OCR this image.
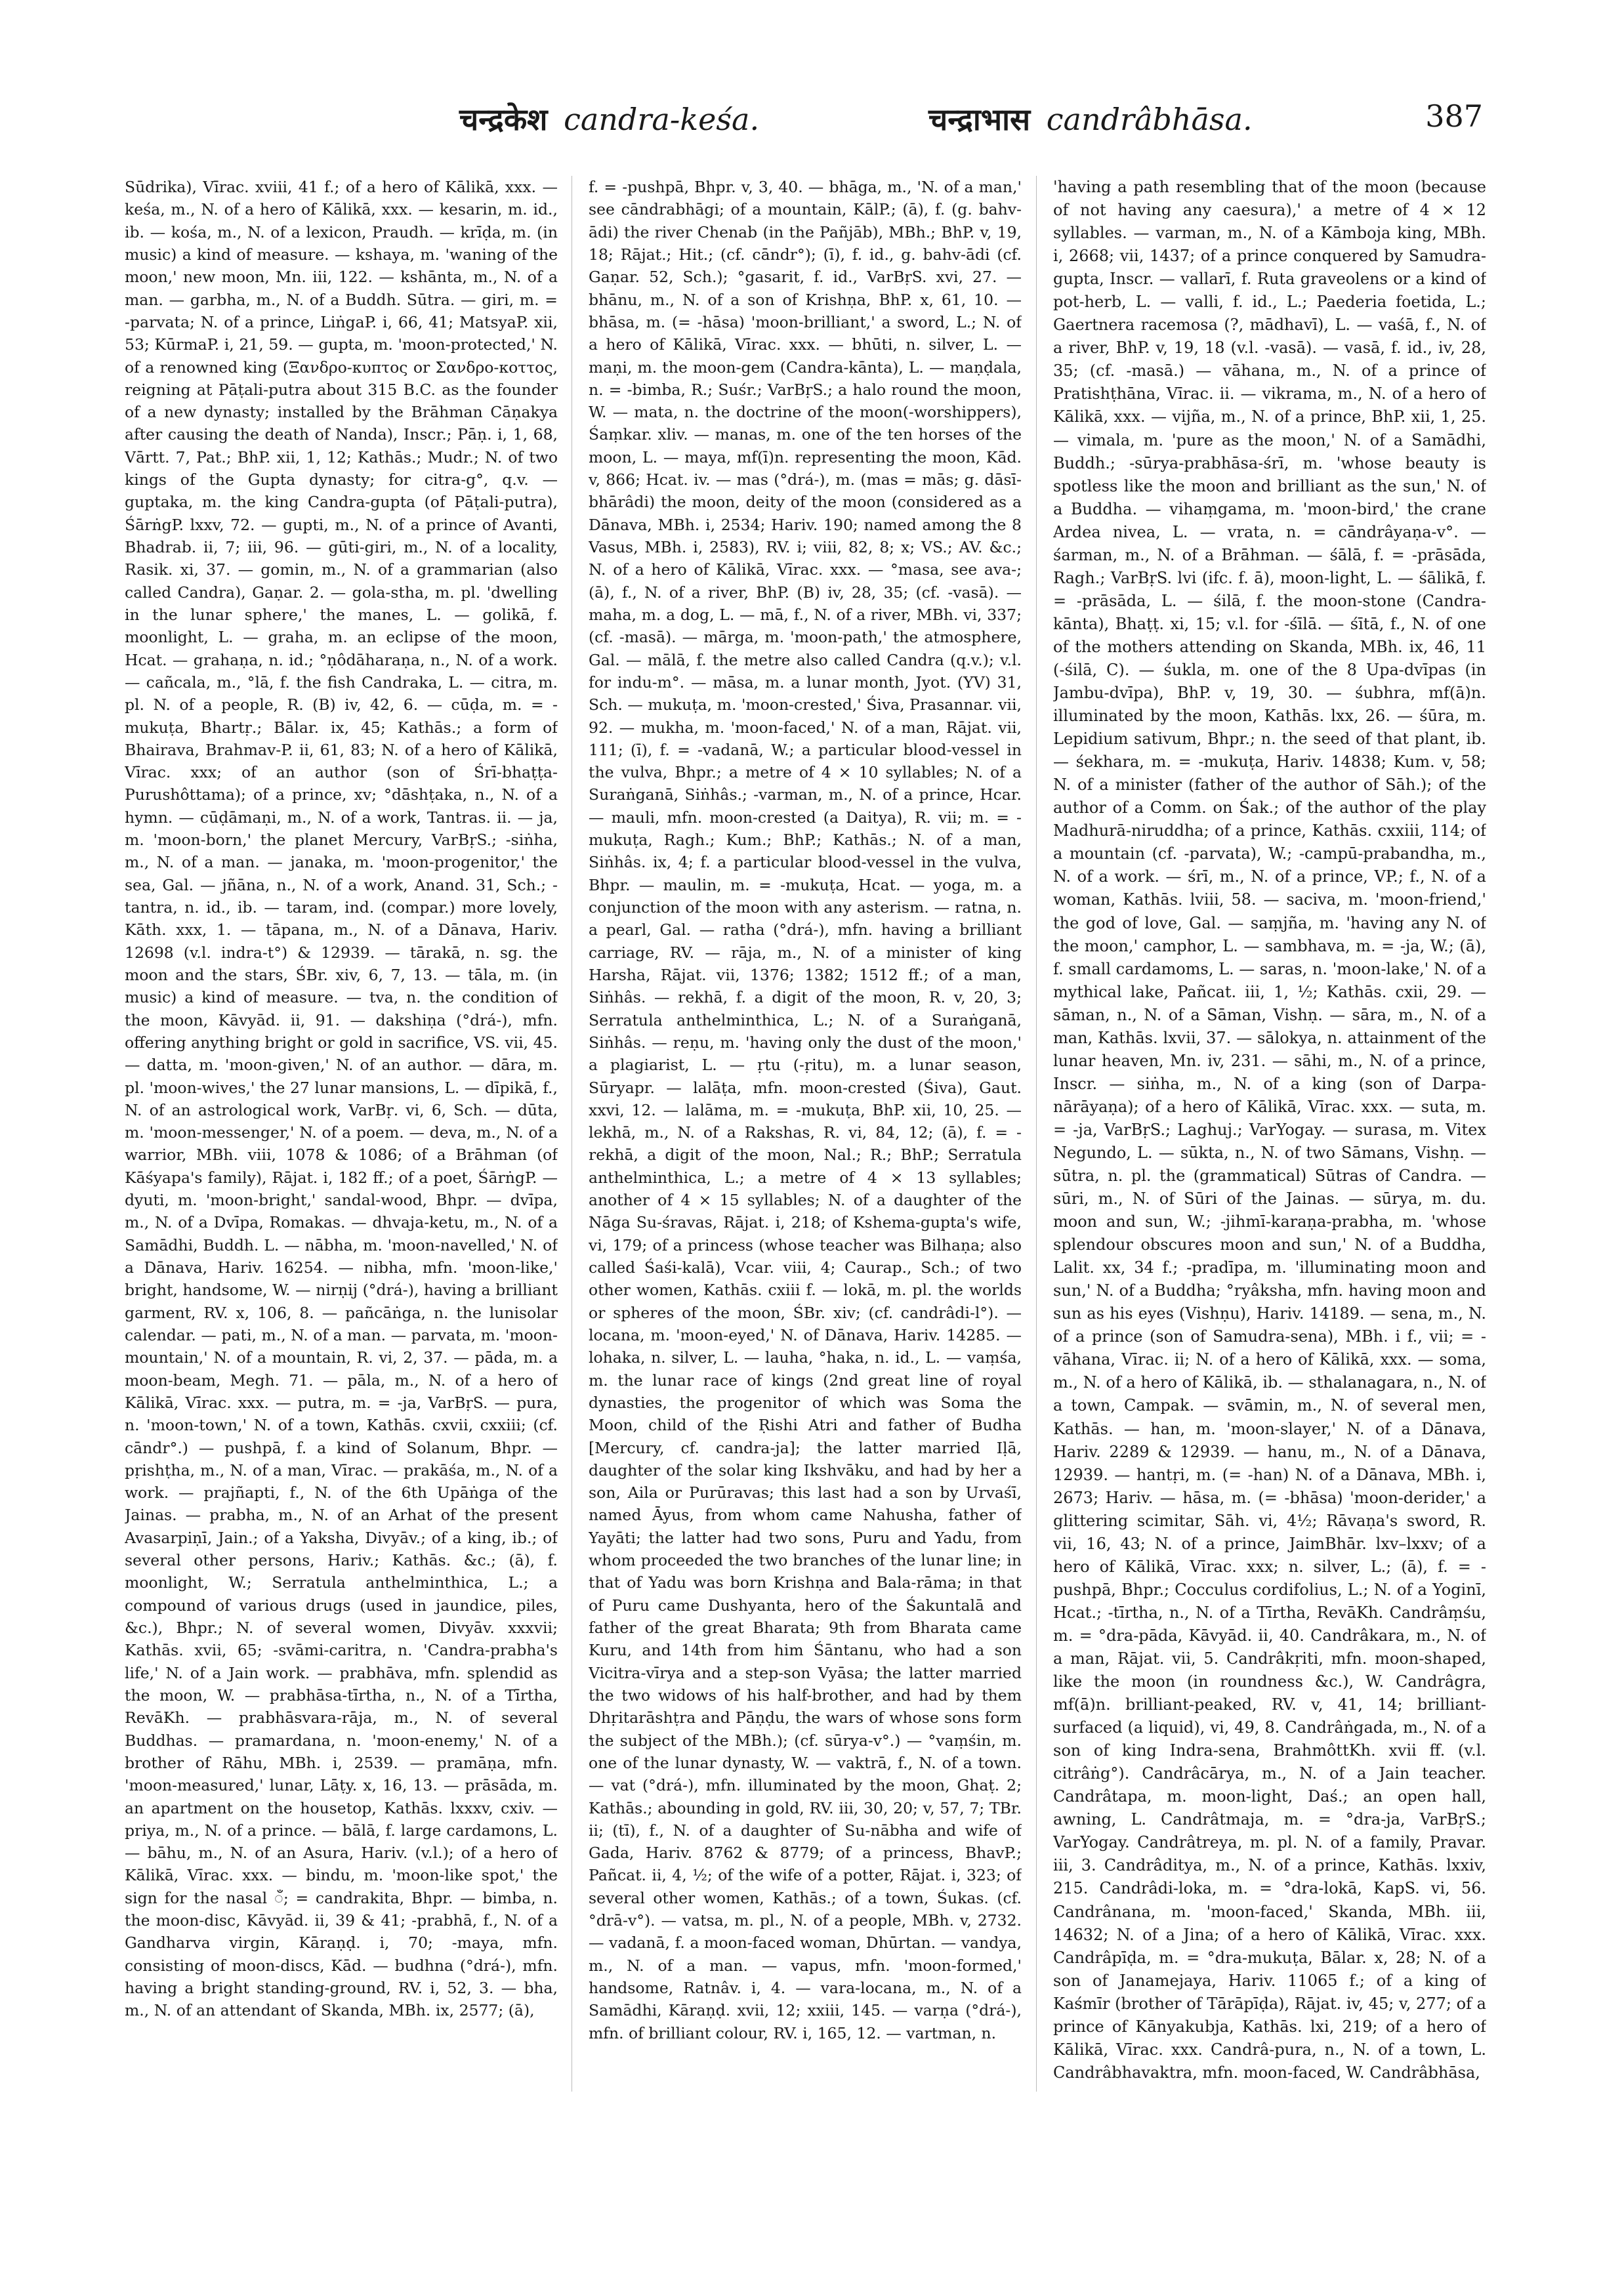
चन्द्रकेश candra-keśa.	चन्द्राभास candrâbhāsa.	387

Sūdrika), Vīrac. xviii, 41 f.; of a hero of Kālikā, xxx. — keśa, m., N. of a hero of Kālikā, xxx. — kesarin, m. id., ib. — kośa, m., N. of a lexicon, Praudh. — krīḍa, m. (in music) a kind of measure. — kshaya, m. 'waning of the moon,' new moon, Mn. iii, 122. — kshānta, m., N. of a man. — garbha, m., N. of a Buddh. Sūtra. — giri, m. = -parvata; N. of a prince, LiṅgaP. i, 66, 41; MatsyaP. xii, 53; KūrmaP. i, 21, 59. — gupta, m. 'moon-protected,' N. of a renowned king (Ξανδρο-κυπτος or Σανδρο-κοττος, reigning at Pāṭali-putra about 315 B.C. as the founder of a new dynasty; installed by the Brāhman Cāṇakya after causing the death of Nanda), Inscr.; Pāṇ. i, 1, 68, Vārtt. 7, Pat.; BhP. xii, 1, 12; Kathās.; Mudr.; N. of two kings of the Gupta dynasty; for citra-g°, q.v. — guptaka, m. the king Candra-gupta (of Pāṭali-putra), ŚārṅgP. lxxv, 72. — gupti, m., N. of a prince of Avanti, Bhadrab. ii, 7; iii, 96. — gūti-giri, m., N. of a locality, Rasik. xi, 37. — gomin, m., N. of a grammarian (also called Candra), Gaṇar. 2. — gola-stha, m. pl. 'dwelling in the lunar sphere,' the manes, L. — golikā, f. moonlight, L. — graha, m. an eclipse of the moon, Hcat. — grahaṇa, n. id.; °ṇôdāharaṇa, n., N. of a work. — cañcala, m., °lā, f. the fish Candraka, L. — citra, m. pl. N. of a people, R. (B) iv, 42, 6. — cūḍa, m. = -mukuṭa, Bhartṛ.; Bālar. ix, 45; Kathās.; a form of Bhairava, Brahmav-P. ii, 61, 83; N. of a hero of Kālikā, Vīrac. xxx; of an author (son of Śrī-bhaṭṭa-Purushôttama); of a prince, xv; °dāshṭaka, n., N. of a hymn. — cūḍāmaṇi, m., N. of a work, Tantras. ii. — ja, m. 'moon-born,' the planet Mercury, VarBṛS.; -siṅha, m., N. of a man. — janaka, m. 'moon-progenitor,' the sea, Gal. — jñāna, n., N. of a work, Anand. 31, Sch.; -tantra, n. id., ib. — taram, ind. (compar.) more lovely, Kāth. xxx, 1. — tāpana, m., N. of a Dānava, Hariv. 12698 (v.l. indra-t°) & 12939. — tārakā, n. sg. the moon and the stars, ŚBr. xiv, 6, 7, 13. — tāla, m. (in music) a kind of measure. — tva, n. the condition of the moon, Kāvyād. ii, 91. — dakshiṇa (°drá-), mfn. offering anything bright or gold in sacrifice, VS. vii, 45. — datta, m. 'moon-given,' N. of an author. — dāra, m. pl. 'moon-wives,' the 27 lunar mansions, L. — dīpikā, f., N. of an astrological work, VarBṛ. vi, 6, Sch. — dūta, m. 'moon-messenger,' N. of a poem. — deva, m., N. of a warrior, MBh. viii, 1078 & 1086; of a Brāhman (of Kāśyapa's family), Rājat. i, 182 ff.; of a poet, ŚārṅgP. — dyuti, m. 'moon-bright,' sandal-wood, Bhpr. — dvīpa, m., N. of a Dvīpa, Romakas. — dhvaja-ketu, m., N. of a Samādhi, Buddh. L. — nābha, m. 'moon-navelled,' N. of a Dānava, Hariv. 16254. — nibha, mfn. 'moon-like,' bright, handsome, W. — nirṇij (°drá-), having a brilliant garment, RV. x, 106, 8. — pañcāṅga, n. the lunisolar calendar. — pati, m., N. of a man. — parvata, m. 'moon-mountain,' N. of a mountain, R. vi, 2, 37. — pāda, m. a moon-beam, Megh. 71. — pāla, m., N. of a hero of Kālikā, Vīrac. xxx. — putra, m. = -ja, VarBṛS. — pura, n. 'moon-town,' N. of a town, Kathās. cxvii, cxxiii; (cf. cāndr°.) — pushpā, f. a kind of Solanum, Bhpr. — pṛishṭha, m., N. of a man, Vīrac. — prakāśa, m., N. of a work. — prajñapti, f., N. of the 6th Upāṅga of the Jainas. — prabha, m., N. of an Arhat of the present Avasarpiṇī, Jain.; of a Yaksha, Divyāv.; of a king, ib.; of several other persons, Hariv.; Kathās. &c.; (ā), f. moonlight, W.; Serratula anthelminthica, L.; a compound of various drugs (used in jaundice, piles, &c.), Bhpr.; N. of several women, Divyāv. xxxvii; Kathās. xvii, 65; -svāmi-caritra, n. 'Candra-prabha's life,' N. of a Jain work. — prabhāva, mfn. splendid as the moon, W. — prabhāsa-tīrtha, n., N. of a Tīrtha, RevāKh. — prabhāsvara-rāja, m., N. of several Buddhas. — pramardana, n. 'moon-enemy,' N. of a brother of Rāhu, MBh. i, 2539. — pramāṇa, mfn. 'moon-measured,' lunar, Lāṭy. x, 16, 13. — prāsāda, m. an apartment on the housetop, Kathās. lxxxv, cxiv. — priya, m., N. of a prince. — bālā, f. large cardamons, L. — bāhu, m., N. of an Asura, Hariv. (v.l.); of a hero of Kālikā, Vīrac. xxx. — bindu, m. 'moon-like spot,' the sign for the nasal ँ; = candrakita, Bhpr. — bimba, n. the moon-disc, Kāvyād. ii, 39 & 41; -prabhā, f., N. of a Gandharva virgin, Kāraṇḍ. i, 70; -maya, mfn. consisting of moon-discs, Kād. — budhna (°drá-), mfn. having a bright standing-ground, RV. i, 52, 3. — bha, m., N. of an attendant of Skanda, MBh. ix, 2577; (ā),

f. = -pushpā, Bhpr. v, 3, 40. — bhāga, m., 'N. of a man,' see cāndrabhāgi; of a mountain, KālP.; (ā), f. (g. bahv-ādi) the river Chenab (in the Pañjāb), MBh.; BhP. v, 19, 18; Rājat.; Hit.; (cf. cāndr°); (ī), f. id., g. bahv-ādi (cf. Gaṇar. 52, Sch.); °gasarit, f. id., VarBṛS. xvi, 27. — bhānu, m., N. of a son of Krishṇa, BhP. x, 61, 10. — bhāsa, m. (= -hāsa) 'moon-brilliant,' a sword, L.; N. of a hero of Kālikā, Vīrac. xxx. — bhūti, n. silver, L. — maṇi, m. the moon-gem (Candra-kānta), L. — maṇḍala, n. = -bimba, R.; Suśr.; VarBṛS.; a halo round the moon, W. — mata, n. the doctrine of the moon(-worshippers), Śaṃkar. xliv. — manas, m. one of the ten horses of the moon, L. — maya, mf(ī)n. representing the moon, Kād. v, 866; Hcat. iv. — mas (°drá-), m. (mas = mās; g. dāsī-bhārâdi) the moon, deity of the moon (considered as a Dānava, MBh. i, 2534; Hariv. 190; named among the 8 Vasus, MBh. i, 2583), RV. i; viii, 82, 8; x; VS.; AV. &c.; N. of a hero of Kālikā, Vīrac. xxx. — °masa, see ava-; (ā), f., N. of a river, BhP. (B) iv, 28, 35; (cf. -vasā). — maha, m. a dog, L. — mā, f., N. of a river, MBh. vi, 337; (cf. -masā). — mārga, m. 'moon-path,' the atmosphere, Gal. — mālā, f. the metre also called Candra (q.v.); v.l. for indu-m°. — māsa, m. a lunar month, Jyot. (YV) 31, Sch. — mukuṭa, m. 'moon-crested,' Śiva, Prasannar. vii, 92. — mukha, m. 'moon-faced,' N. of a man, Rājat. vii, 111; (ī), f. = -vadanā, W.; a particular blood-vessel in the vulva, Bhpr.; a metre of 4 × 10 syllables; N. of a Suraṅganā, Siṅhâs.; -varman, m., N. of a prince, Hcar. — mauli, mfn. moon-crested (a Daitya), R. vii; m. = -mukuṭa, Ragh.; Kum.; BhP.; Kathās.; N. of a man, Siṅhâs. ix, 4; f. a particular blood-vessel in the vulva, Bhpr. — maulin, m. = -mukuṭa, Hcat. — yoga, m. a conjunction of the moon with any asterism. — ratna, n. a pearl, Gal. — ratha (°drá-), mfn. having a brilliant carriage, RV. — rāja, m., N. of a minister of king Harsha, Rājat. vii, 1376; 1382; 1512 ff.; of a man, Siṅhâs. — rekhā, f. a digit of the moon, R. v, 20, 3; Serratula anthelminthica, L.; N. of a Suraṅganā, Siṅhâs. — reṇu, m. 'having only the dust of the moon,' a plagiarist, L. — ṛtu (-ṛitu), m. a lunar season, Sūryapr. — lalāṭa, mfn. moon-crested (Śiva), Gaut. xxvi, 12. — lalāma, m. = -mukuṭa, BhP. xii, 10, 25. — lekhā, m., N. of a Rakshas, R. vi, 84, 12; (ā), f. = -rekhā, a digit of the moon, Nal.; R.; BhP.; Serratula anthelminthica, L.; a metre of 4 × 13 syllables; another of 4 × 15 syllables; N. of a daughter of the Nāga Su-śravas, Rājat. i, 218; of Kshema-gupta's wife, vi, 179; of a princess (whose teacher was Bilhaṇa; also called Śaśi-kalā), Vcar. viii, 4; Caurap., Sch.; of two other women, Kathās. cxiii f. — lokā, m. pl. the worlds or spheres of the moon, ŚBr. xiv; (cf. candrâdi-l°). — locana, m. 'moon-eyed,' N. of Dānava, Hariv. 14285. — lohaka, n. silver, L. — lauha, °haka, n. id., L. — vaṃśa, m. the lunar race of kings (2nd great line of royal dynasties, the progenitor of which was Soma the Moon, child of the Ṛishi Atri and father of Budha [Mercury, cf. candra-ja]; the latter married Iḷā, daughter of the solar king Ikshvāku, and had by her a son, Aila or Purūravas; this last had a son by Urvaśī, named Āyus, from whom came Nahusha, father of Yayāti; the latter had two sons, Puru and Yadu, from whom proceeded the two branches of the lunar line; in that of Yadu was born Krishṇa and Bala-rāma; in that of Puru came Dushyanta, hero of the Śakuntalā and father of the great Bharata; 9th from Bharata came Kuru, and 14th from him Śāntanu, who had a son Vicitra-vīrya and a step-son Vyāsa; the latter married the two widows of his half-brother, and had by them Dhṛitarāshṭra and Pāṇḍu, the wars of whose sons form the subject of the MBh.); (cf. sūrya-v°.) — °vaṃśin, m. one of the lunar dynasty, W. — vaktrā, f., N. of a town. — vat (°drá-), mfn. illuminated by the moon, Ghaṭ. 2; Kathās.; abounding in gold, RV. iii, 30, 20; v, 57, 7; TBr. ii; (tī), f., N. of a daughter of Su-nābha and wife of Gada, Hariv. 8762 & 8779; of a princess, BhavP.; Pañcat. ii, 4, ½; of the wife of a potter, Rājat. i, 323; of several other women, Kathās.; of a town, Śukas. (cf. °drā-v°). — vatsa, m. pl., N. of a people, MBh. v, 2732. — vadanā, f. a moon-faced woman, Dhūrtan. — vandya, m., N. of a man. — vapus, mfn. 'moon-formed,' handsome, Ratnâv. i, 4. — vara-locana, m., N. of a Samādhi, Kāraṇḍ. xvii, 12; xxiii, 145. — varṇa (°drá-), mfn. of brilliant colour, RV. i, 165, 12. — vartman, n.

'having a path resembling that of the moon (because of not having any caesura),' a metre of 4 × 12 syllables. — varman, m., N. of a Kāmboja king, MBh. i, 2668; vii, 1437; of a prince conquered by Samudra-gupta, Inscr. — vallarī, f. Ruta graveolens or a kind of pot-herb, L. — valli, f. id., L.; Paederia foetida, L.; Gaertnera racemosa (?, mādhavī), L. — vaśā, f., N. of a river, BhP. v, 19, 18 (v.l. -vasā). — vasā, f. id., iv, 28, 35; (cf. -masā.) — vāhana, m., N. of a prince of Pratishṭhāna, Vīrac. ii. — vikrama, m., N. of a hero of Kālikā, xxx. — vijña, m., N. of a prince, BhP. xii, 1, 25. — vimala, m. 'pure as the moon,' N. of a Samādhi, Buddh.; -sūrya-prabhāsa-śrī, m. 'whose beauty is spotless like the moon and brilliant as the sun,' N. of a Buddha. — vihaṃgama, m. 'moon-bird,' the crane Ardea nivea, L. — vrata, n. = cāndrâyaṇa-v°. — śarman, m., N. of a Brāhman. — śālā, f. = -prāsāda, Ragh.; VarBṛS. lvi (ifc. f. ā), moon-light, L. — śālikā, f. = -prāsāda, L. — śilā, f. the moon-stone (Candra-kānta), Bhaṭṭ. xi, 15; v.l. for -śīlā. — śītā, f., N. of one of the mothers attending on Skanda, MBh. ix, 46, 11 (-śilā, C). — śukla, m. one of the 8 Upa-dvīpas (in Jambu-dvīpa), BhP. v, 19, 30. — śubhra, mf(ā)n. illuminated by the moon, Kathās. lxx, 26. — śūra, m. Lepidium sativum, Bhpr.; n. the seed of that plant, ib. — śekhara, m. = -mukuṭa, Hariv. 14838; Kum. v, 58; N. of a minister (father of the author of Sāh.); of the author of a Comm. on Śak.; of the author of the play Madhurā-niruddha; of a prince, Kathās. cxxiii, 114; of a mountain (cf. -parvata), W.; -campū-prabandha, m., N. of a work. — śrī, m., N. of a prince, VP.; f., N. of a woman, Kathās. lviii, 58. — saciva, m. 'moon-friend,' the god of love, Gal. — saṃjña, m. 'having any N. of the moon,' camphor, L. — sambhava, m. = -ja, W.; (ā), f. small cardamoms, L. — saras, n. 'moon-lake,' N. of a mythical lake, Pañcat. iii, 1, ½; Kathās. cxii, 29. — sāman, n., N. of a Sāman, Vishṇ. — sāra, m., N. of a man, Kathās. lxvii, 37. — sālokya, n. attainment of the lunar heaven, Mn. iv, 231. — sāhi, m., N. of a prince, Inscr. — siṅha, m., N. of a king (son of Darpa-nārāyaṇa); of a hero of Kālikā, Vīrac. xxx. — suta, m. = -ja, VarBṛS.; Laghuj.; VarYogay. — surasa, m. Vitex Negundo, L. — sūkta, n., N. of two Sāmans, Vishṇ. — sūtra, n. pl. the (grammatical) Sūtras of Candra. — sūri, m., N. of Sūri of the Jainas. — sūrya, m. du. moon and sun, W.; -jihmī-karaṇa-prabha, m. 'whose splendour obscures moon and sun,' N. of a Buddha, Lalit. xx, 34 f.; -pradīpa, m. 'illuminating moon and sun,' N. of a Buddha; °ryâksha, mfn. having moon and sun as his eyes (Vishṇu), Hariv. 14189. — sena, m., N. of a prince (son of Samudra-sena), MBh. i f., vii; = -vāhana, Vīrac. ii; N. of a hero of Kālikā, xxx. — soma, m., N. of a hero of Kālikā, ib. — sthalanagara, n., N. of a town, Campak. — svāmin, m., N. of several men, Kathās. — han, m. 'moon-slayer,' N. of a Dānava, Hariv. 2289 & 12939. — hanu, m., N. of a Dānava, 12939. — hantṛi, m. (= -han) N. of a Dānava, MBh. i, 2673; Hariv. — hāsa, m. (= -bhāsa) 'moon-derider,' a glittering scimitar, Sāh. vi, 4½; Rāvaṇa's sword, R. vii, 16, 43; N. of a prince, JaimBhār. lxv–lxxv; of a hero of Kālikā, Vīrac. xxx; n. silver, L.; (ā), f. = -pushpā, Bhpr.; Cocculus cordifolius, L.; N. of a Yoginī, Hcat.; -tīrtha, n., N. of a Tīrtha, RevāKh. Candrâṃśu, m. = °dra-pāda, Kāvyād. ii, 40. Candrâkara, m., N. of a man, Rājat. vii, 5. Candrâkṛiti, mfn. moon-shaped, like the moon (in roundness &c.), W. Candrâgra, mf(ā)n. brilliant-peaked, RV. v, 41, 14; brilliant-surfaced (a liquid), vi, 49, 8. Candrâṅgada, m., N. of a son of king Indra-sena, BrahmôttKh. xvii ff. (v.l. citrâṅg°). Candrâcārya, m., N. of a Jain teacher. Candrâtapa, m. moon-light, Daś.; an open hall, awning, L. Candrâtmaja, m. = °dra-ja, VarBṛS.; VarYogay. Candrâtreya, m. pl. N. of a family, Pravar. iii, 3. Candrâditya, m., N. of a prince, Kathās. lxxiv, 215. Candrâdi-loka, m. = °dra-lokā, KapS. vi, 56. Candrânana, m. 'moon-faced,' Skanda, MBh. iii, 14632; N. of a Jina; of a hero of Kālikā, Vīrac. xxx. Candrâpīḍa, m. = °dra-mukuṭa, Bālar. x, 28; N. of a son of Janamejaya, Hariv. 11065 f.; of a king of Kaśmīr (brother of Tārāpīḍa), Rājat. iv, 45; v, 277; of a prince of Kānyakubja, Kathās. lxi, 219; of a hero of Kālikā, Vīrac. xxx. Candrâ-pura, n., N. of a town, L. Candrâbhavaktra, mfn. moon-faced, W. Candrâbhāsa,
